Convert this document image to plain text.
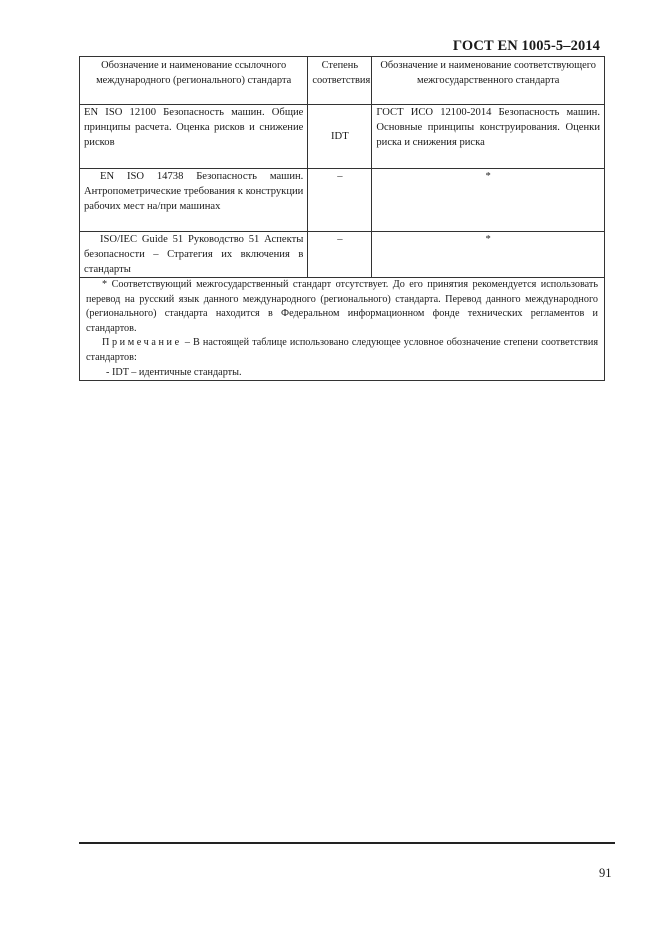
ГОСТ EN 1005-5–2014
Обозначение и наименование ссылочного международного (регионального) стандарта	Степень соответствия	Обозначение и наименование соответствующего межгосударственного стандарта
EN ISO 12100 Безопасность машин. Общие принципы расчета. Оценка рисков и снижение рисков	IDT	ГОСТ ИСО 12100-2014 Безопасность машин. Основные принципы конструирования. Оценки риска и снижения риска
EN ISO 14738 Безопасность машин. Антропометрические требования к конструкции рабочих мест на/при машинах	–	*
ISO/IEC Guide 51 Руководство 51 Аспекты безопасности – Стратегия их включения в стандарты	–	*

* Соответствующий межгосударственный стандарт отсутствует. До его принятия рекомендуется использовать перевод на русский язык данного международного (регионального) стандарта. Перевод данного международного (регионального) стандарта находится в Федеральном информационном фонде технических регламентов и стандартов.

Примечание – В настоящей таблице использовано следующее условное обозначение степени соответствия стандартов:

- IDT – идентичные стандарты.		

91
